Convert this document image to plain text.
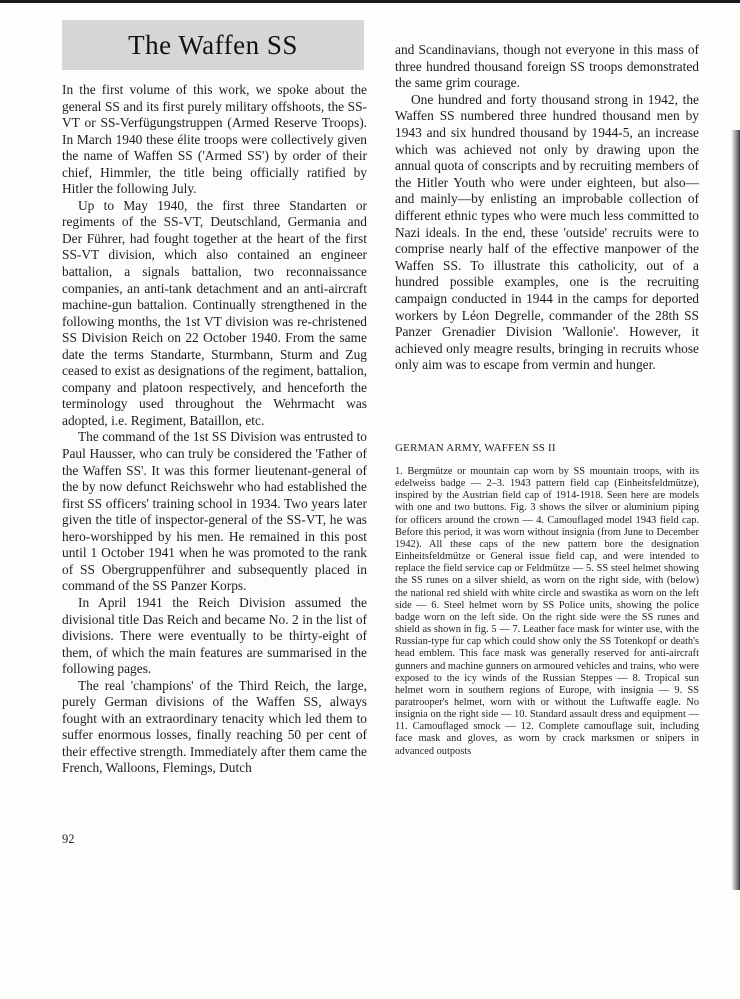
The Waffen SS

In the first volume of this work, we spoke about the general SS and its first purely military offshoots, the SS-VT or SS-Verfügungstruppen (Armed Reserve Troops). In March 1940 these élite troops were collectively given the name of Waffen SS ('Armed SS') by order of their chief, Himmler, the title being officially ratified by Hitler the following July.

Up to May 1940, the first three Standarten or regiments of the SS-VT, Deutschland, Germania and Der Führer, had fought together at the heart of the first SS-VT division, which also contained an engineer battalion, a signals battalion, two reconnaissance companies, an anti-tank detachment and an anti-aircraft machine-gun battalion. Continually strengthened in the following months, the 1st VT division was re-christened SS Division Reich on 22 October 1940. From the same date the terms Standarte, Sturmbann, Sturm and Zug ceased to exist as designations of the regiment, battalion, company and platoon respectively, and henceforth the terminology used throughout the Wehrmacht was adopted, i.e. Regiment, Bataillon, etc.

The command of the 1st SS Division was entrusted to Paul Hausser, who can truly be considered the 'Father of the Waffen SS'. It was this former lieutenant-general of the by now defunct Reichswehr who had established the first SS officers' training school in 1934. Two years later given the title of inspector-general of the SS-VT, he was hero-worshipped by his men. He remained in this post until 1 October 1941 when he was promoted to the rank of SS Obergruppenführer and subsequently placed in command of the SS Panzer Korps.

In April 1941 the Reich Division assumed the divisional title Das Reich and became No. 2 in the list of divisions. There were eventually to be thirty-eight of them, of which the main features are summarised in the following pages.

The real 'champions' of the Third Reich, the large, purely German divisions of the Waffen SS, always fought with an extraordinary tenacity which led them to suffer enormous losses, finally reaching 50 per cent of their effective strength. Immediately after them came the French, Walloons, Flemings, Dutch

and Scandinavians, though not everyone in this mass of three hundred thousand foreign SS troops demonstrated the same grim courage.

One hundred and forty thousand strong in 1942, the Waffen SS numbered three hundred thousand men by 1943 and six hundred thousand by 1944-5, an increase which was achieved not only by drawing upon the annual quota of conscripts and by recruiting members of the Hitler Youth who were under eighteen, but also—and mainly—by enlisting an improbable collection of different ethnic types who were much less committed to Nazi ideals. In the end, these 'outside' recruits were to comprise nearly half of the effective manpower of the Waffen SS. To illustrate this catholicity, out of a hundred possible examples, one is the recruiting campaign conducted in 1944 in the camps for deported workers by Léon Degrelle, commander of the 28th SS Panzer Grenadier Division 'Wallonie'. However, it achieved only meagre results, bringing in recruits whose only aim was to escape from vermin and hunger.

GERMAN ARMY, WAFFEN SS II
1. Bergmütze or mountain cap worn by SS mountain troops, with its edelweiss badge — 2–3. 1943 pattern field cap (Einheitsfeldmütze), inspired by the Austrian field cap of 1914-1918. Seen here are models with one and two buttons. Fig. 3 shows the silver or aluminium piping for officers around the crown — 4. Camouflaged model 1943 field cap. Before this period, it was worn without insignia (from June to December 1942). All these caps of the new pattern bore the designation Einheitsfeldmütze or General issue field cap, and were intended to replace the field service cap or Feldmütze — 5. SS steel helmet showing the SS runes on a silver shield, as worn on the right side, with (below) the national red shield with white circle and swastika as worn on the left side — 6. Steel helmet worn by SS Police units, showing the police badge worn on the left side. On the right side were the SS runes and shield as shown in fig. 5 — 7. Leather face mask for winter use, with the Russian-type fur cap which could show only the SS Totenkopf or death's head emblem. This face mask was generally reserved for anti-aircraft gunners and machine gunners on armoured vehicles and trains, who were exposed to the icy winds of the Russian Steppes — 8. Tropical sun helmet worn in southern regions of Europe, with insignia — 9. SS paratrooper's helmet, worn with or without the Luftwaffe eagle. No insignia on the right side — 10. Standard assault dress and equipment — 11. Camouflaged smock — 12. Complete camouflage suit, including face mask and gloves, as worn by crack marksmen or snipers in advanced outposts
92
